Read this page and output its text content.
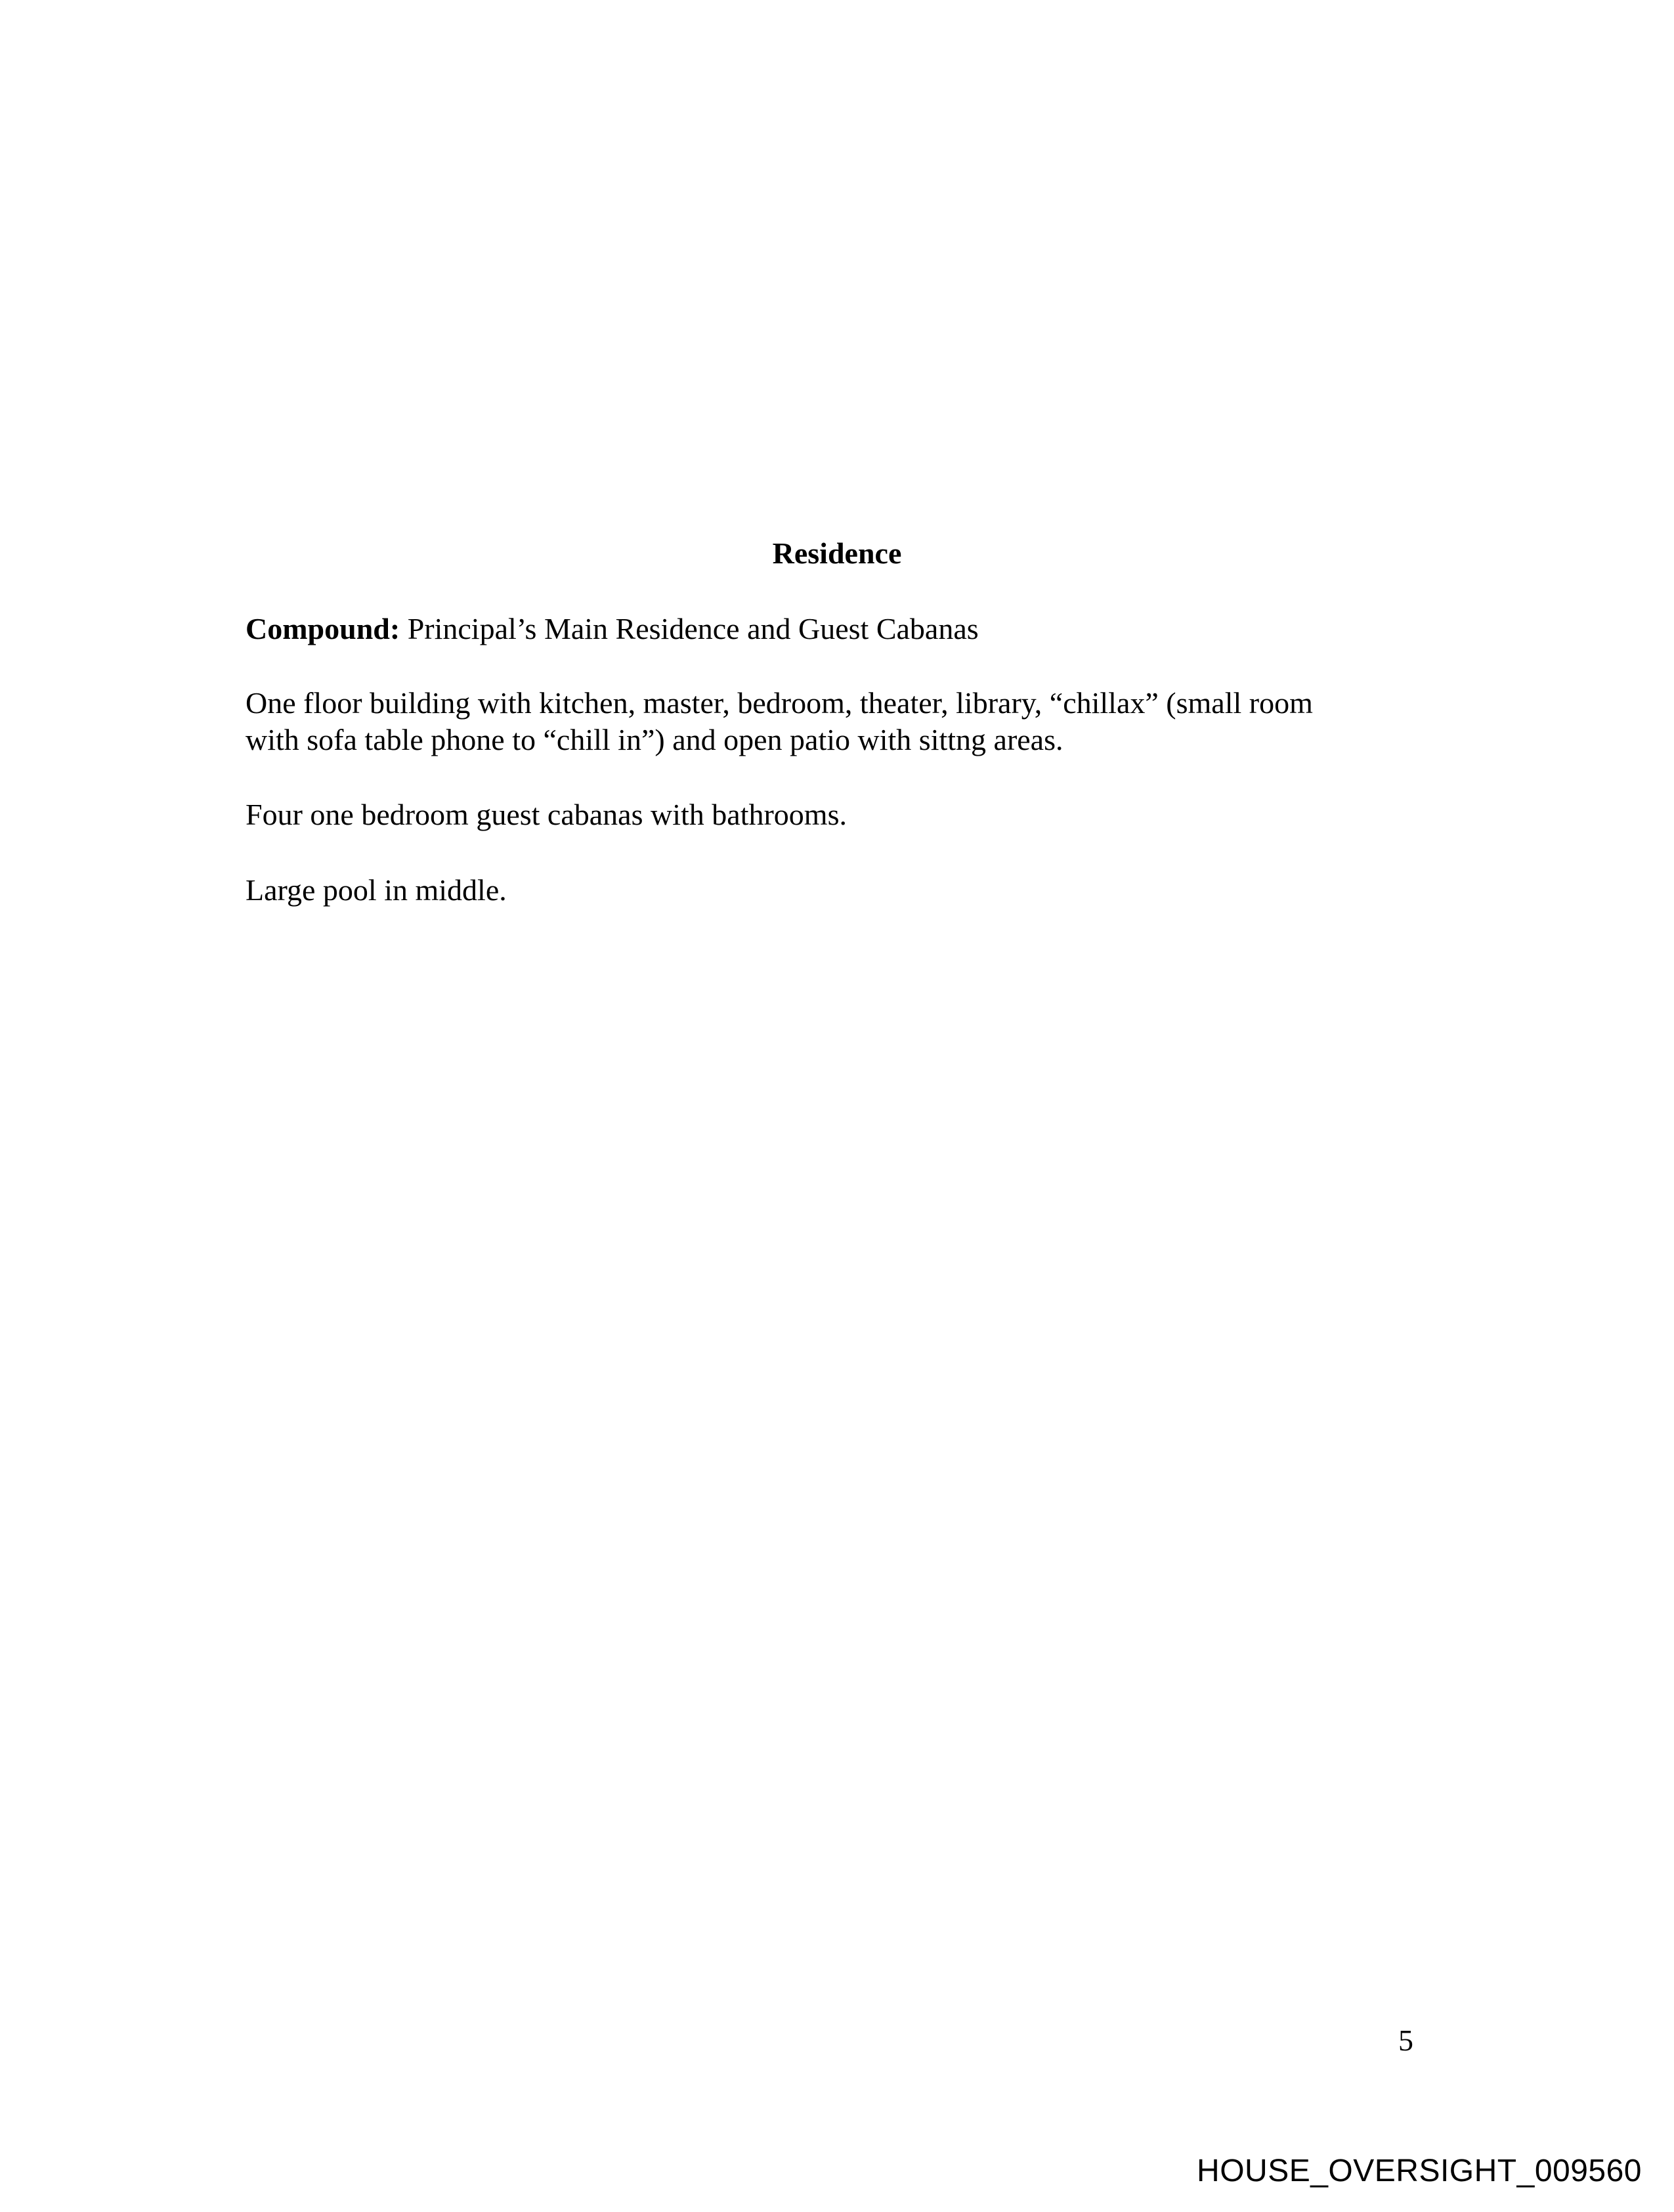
Residence

Compound: Principal’s Main Residence and Guest Cabanas

One floor building with kitchen, master, bedroom, theater, library, “chillax” (small room
with sofa table phone to “chill in”) and open patio with sittng areas.

Four one bedroom guest cabanas with bathrooms.

Large pool in middle.

5
HOUSE_OVERSIGHT_009560
